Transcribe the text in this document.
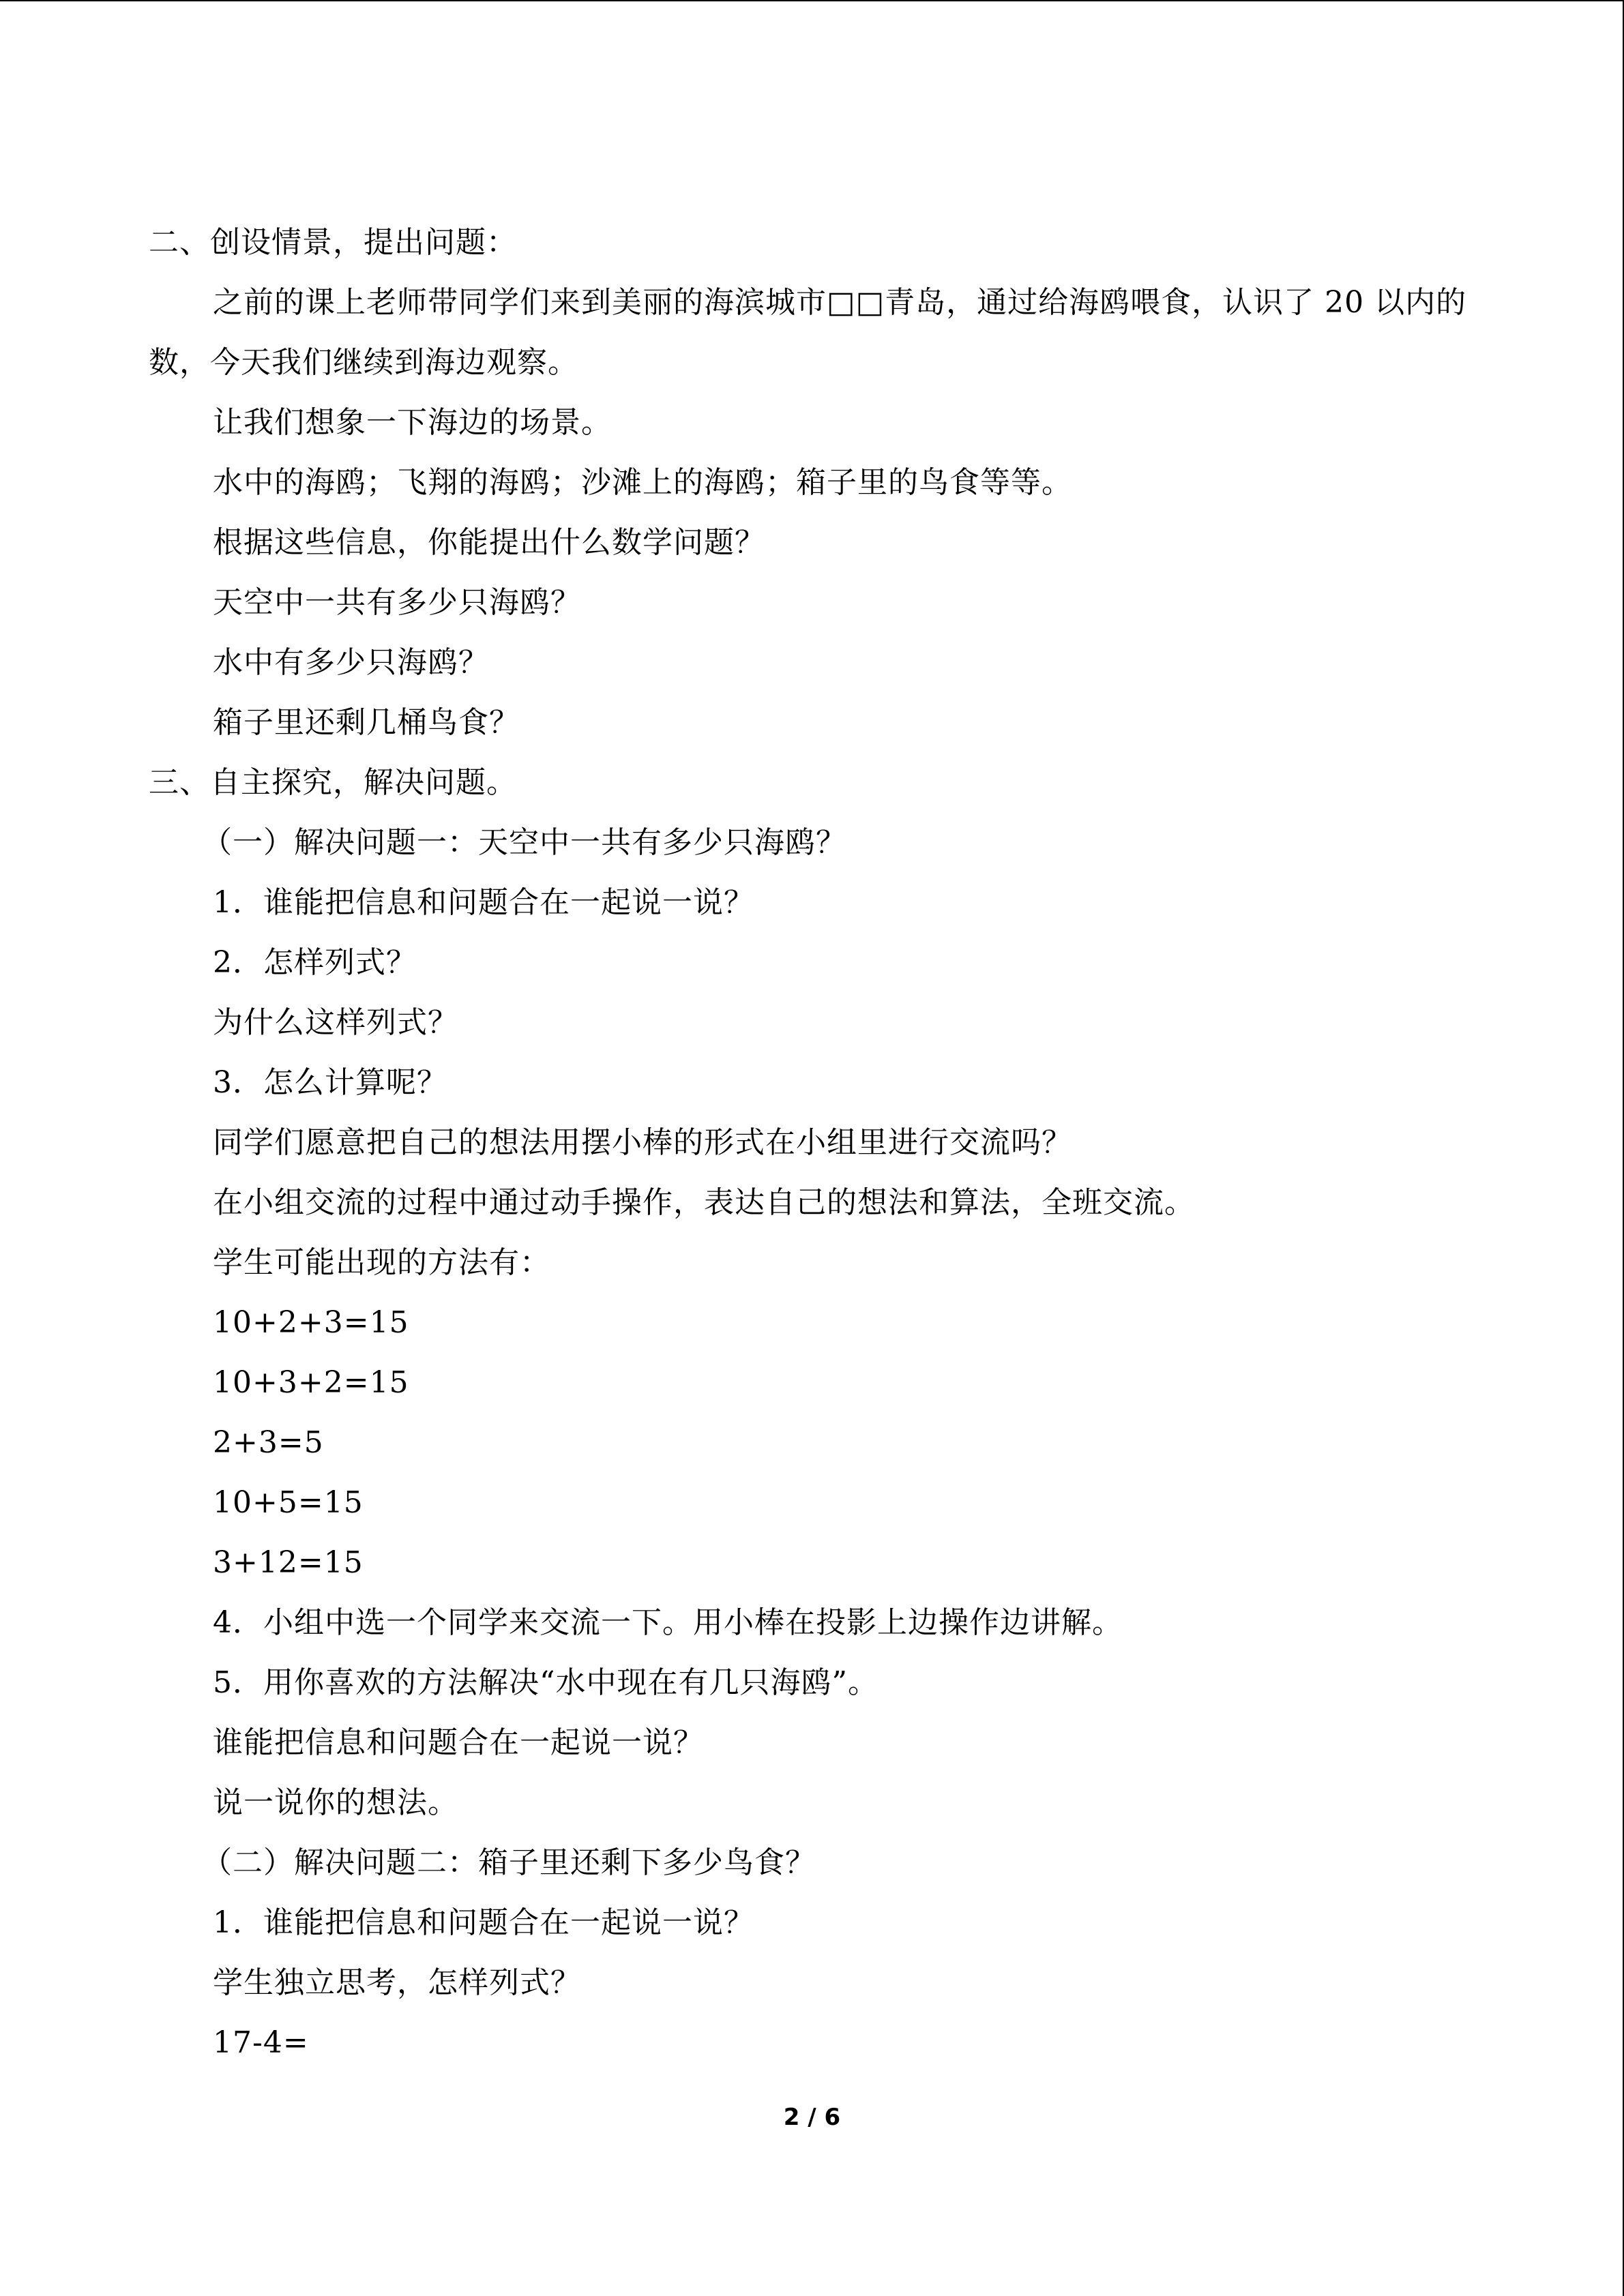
二、创设情景，提出问题：
之前的课上老师带同学们来到美丽的海滨城市□□青岛，通过给海鸥喂食，认识了 20 以内的数，今天我们继续到海边观察。
让我们想象一下海边的场景。
水中的海鸥；飞翔的海鸥；沙滩上的海鸥；箱子里的鸟食等等。
根据这些信息，你能提出什么数学问题？
天空中一共有多少只海鸥？
水中有多少只海鸥？
箱子里还剩几桶鸟食？
三、自主探究，解决问题。
（一）解决问题一：天空中一共有多少只海鸥？
1．谁能把信息和问题合在一起说一说？
2．怎样列式？
为什么这样列式？
3．怎么计算呢？
同学们愿意把自己的想法用摆小棒的形式在小组里进行交流吗？
在小组交流的过程中通过动手操作，表达自己的想法和算法，全班交流。
学生可能出现的方法有：
10+2+3=15
10+3+2=15
2+3=5
10+5=15
3+12=15
4．小组中选一个同学来交流一下。用小棒在投影上边操作边讲解。
5．用你喜欢的方法解决“水中现在有几只海鸥”。
谁能把信息和问题合在一起说一说？
说一说你的想法。
（二）解决问题二：箱子里还剩下多少鸟食？
1．谁能把信息和问题合在一起说一说？
学生独立思考，怎样列式？
17-4=
2 / 6
